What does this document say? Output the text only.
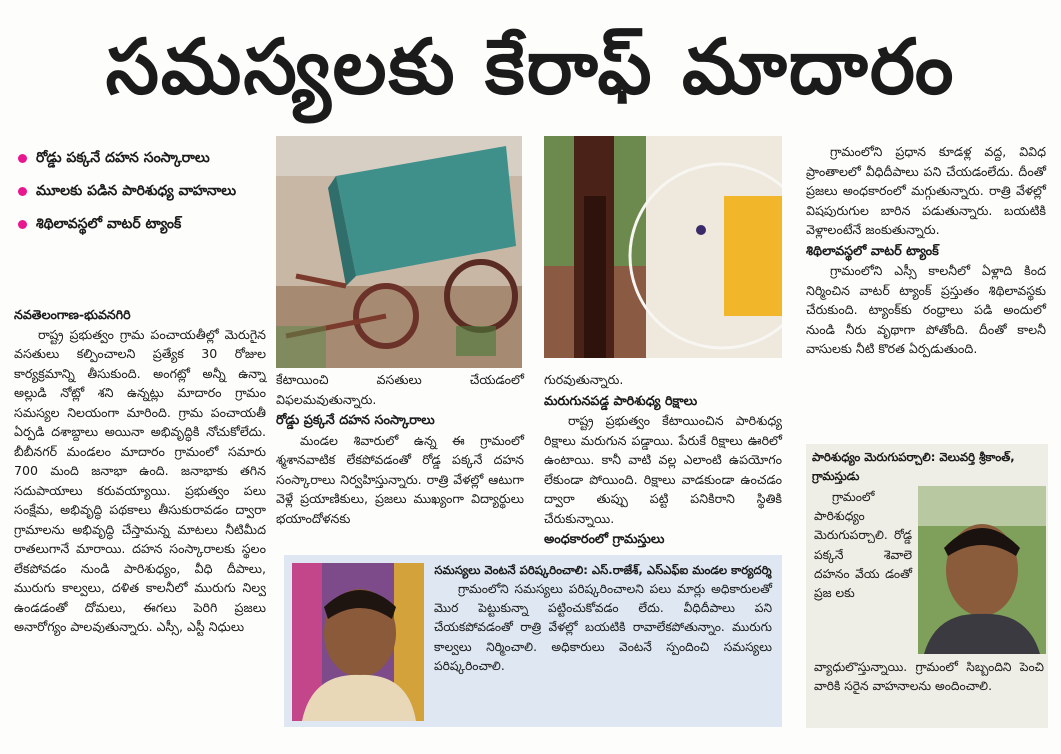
సమస్యలకు కేరాఫ్ మాదారం
రోడ్డు పక్కనే దహన సంస్కారాలు
మూలకు పడిన పారిశుధ్య వాహనాలు
శిథిలావస్థలో వాటర్ ట్యాంక్
నవతెలంగాణ-భువనగిరి

రాష్ట్ర ప్రభుత్వం గ్రామ పంచాయతీల్లో మెరుగైన వసతులు కల్పించాలని ప్రత్యేక 30 రోజుల కార్యక్రమాన్ని తీసుకుంది. అంగట్లో అన్నీ ఉన్నా అల్లుడి నోట్లో శని ఉన్నట్లు మాదారం గ్రామం సమస్యల నిలయంగా మారింది. గ్రామ పంచాయతీ ఏర్పడి దశాబ్దాలు అయినా అభివృద్ధికి నోచుకోలేదు. బీబీనగర్ మండలం మాదారం గ్రామంలో సమారు 700 మంది జనాభా ఉంది. జనాభాకు తగిన సదుపాయాలు కరువయ్యాయి. ప్రభుత్వం పలు సంక్షేమ, అభివృద్ధి పథకాలు తీసుకురావడం ద్వారా గ్రామాలను అభివృద్ధి చేస్తామన్న మాటలు నీటిమీద రాతలుగానే మారాయి. దహన సంస్కారాలకు స్థలం లేకపోవడం నుండి పారిశుధ్యం, వీధి దీపాలు, మురుగు కాల్వలు, దళిత కాలనీలో మురుగు నిల్వ ఉండడంతో దోమలు, ఈగలు పెరిగి ప్రజలు అనారోగ్యం పాలవుతున్నారు. ఎస్సీ, ఎస్టీ నిధులు

కేటాయించి వసతులు చేయడంలో విఫలమవుతున్నారు.
రోడ్డు ప్రక్కనే దహన సంస్కారాలు

మండల శివారులో ఉన్న ఈ గ్రామంలో శ్మశానవాటిక లేకపోవడంతో రోడ్డ పక్కనే దహన సంస్కారాలు నిర్వహిస్తున్నారు. రాత్రి వేళల్లో ఆటుగా వెళ్లే ప్రయాణికులు, ప్రజలు ముఖ్యంగా విద్యార్థులు భయాందోళనకు

గురవుతున్నారు.
మరుగునపడ్డ పారిశుధ్య రిక్షాలు

రాష్ట్ర ప్రభుత్వం కేటాయించిన పారిశుధ్య రిక్షాలు మరుగున పడ్డాయి. పేరుకే రిక్షాలు ఊరిలో ఉంటాయి. కానీ వాటి వల్ల ఎలాంటి ఉపయోగం లేకుండా పోయింది. రిక్షాలు వాడకుండా ఉంచడం ద్వారా తుప్పు పట్టి పనికిరాని స్థితికి చేరుకున్నాయి.

అంధకారంలో గ్రామస్తులు

గ్రామంలోని ప్రధాన కూడళ్ల వద్ద, వివిధ ప్రాంతాలలో వీధిదీపాలు పని చేయడంలేదు. దీంతో ప్రజలు అంధకారంలో మగ్గుతున్నారు. రాత్రి వేళల్లో విషపురుగుల బారిన పడుతున్నారు. బయటికి వెళ్లాలంటేనే జంకుతున్నారు.

శిథిలావస్థలో వాటర్ ట్యాంక్

గ్రామంలోని ఎస్సీ కాలనీలో ఏళ్లాది కింద నిర్మించిన వాటర్ ట్యాంక్ ప్రస్తుతం శిథిలావస్థకు చేరుకుంది. ట్యాంక్‌కు రంధ్రాలు పడి అందులో నుండి నీరు వృథాగా పోతోంది. దీంతో కాలనీ వాసులకు నీటి కొరత ఏర్పడుతుంది.

సమస్యలు వెంటనే పరిష్కరించాలి: ఎస్.రాజేశ్, ఎస్ఎఫ్ఐ మండల కార్యదర్శి
గ్రామంలోని సమస్యలు పరిష్కరించాలని పలు మార్లు అధికారులతో మొర పెట్టుకున్నా పట్టించుకోవడం లేదు. వీధిదీపాలు పని చేయకపోవడంతో రాత్రి వేళల్లో బయటికి రావాలేకపోతున్నాం. మురుగు కాల్వలు నిర్మించాలి. అధికారులు వెంటనే స్పందించి సమస్యలు పరిష్కరించాలి.
పారిశుధ్యం మెరుగుపర్చాలి: వెలువర్తి శ్రీకాంత్, గ్రామస్తుడు
గ్రామంలో పారిశుధ్యం మెరుగుపర్చాలి. రోడ్డ పక్కనే శెవాలె దహనం వేయ డంతో ప్రజ లకు
వ్యాధులొస్తున్నాయి. గ్రామంలో సిబ్బందిని పెంచి వారికి సరైన వాహనాలను అందించాలి.
